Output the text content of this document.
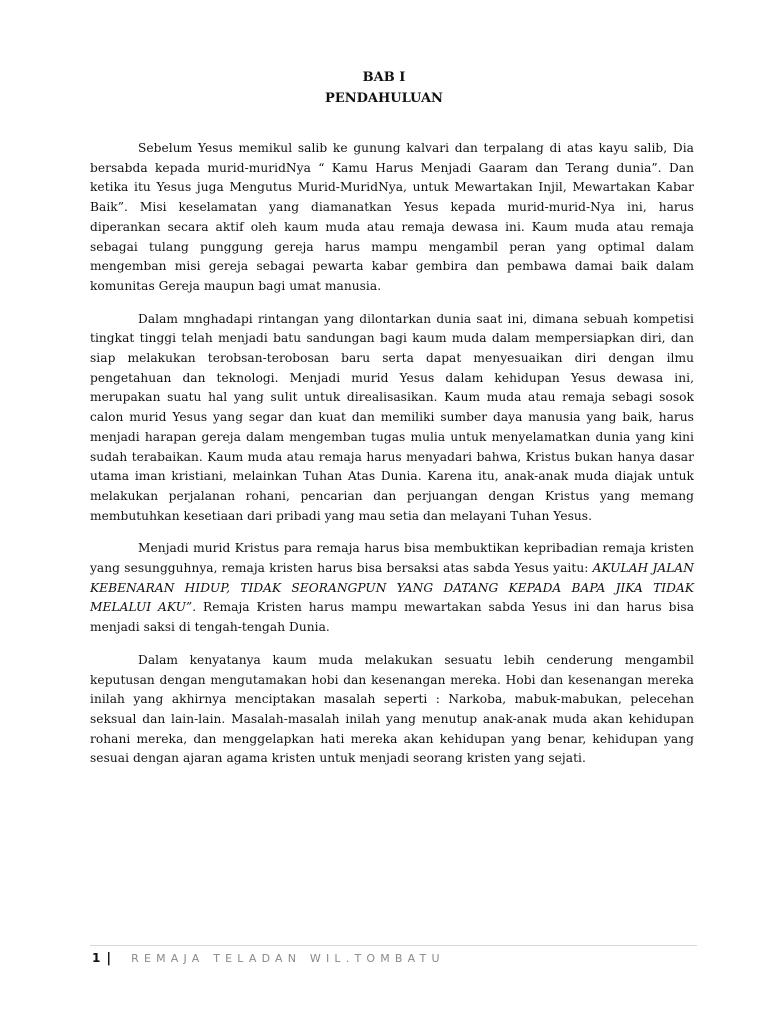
BAB I
PENDAHULUAN

Sebelum Yesus memikul salib ke gunung kalvari dan terpalang di atas kayu salib, Dia bersabda kepada murid-muridNya “ Kamu Harus Menjadi Gaaram dan Terang dunia”. Dan ketika itu Yesus juga Mengutus Murid-MuridNya, untuk Mewartakan Injil, Mewartakan Kabar Baik”. Misi keselamatan yang diamanatkan Yesus kepada murid-murid-Nya ini, harus diperankan secara aktif oleh kaum muda atau remaja dewasa ini. Kaum muda atau remaja sebagai tulang punggung gereja harus mampu mengambil peran yang optimal dalam mengemban misi gereja sebagai pewarta kabar gembira dan pembawa damai baik dalam komunitas Gereja maupun bagi umat manusia.

Dalam mnghadapi rintangan yang dilontarkan dunia saat ini, dimana sebuah kompetisi tingkat tinggi telah menjadi batu sandungan bagi kaum muda dalam mempersiapkan diri, dan siap melakukan terobsan-terobosan baru serta dapat menyesuaikan diri dengan ilmu pengetahuan dan teknologi. Menjadi murid Yesus dalam kehidupan Yesus dewasa ini, merupakan suatu hal yang sulit untuk direalisasikan. Kaum muda atau remaja sebagi sosok calon murid Yesus yang segar dan kuat dan memiliki sumber daya manusia yang baik, harus menjadi harapan gereja dalam mengemban tugas mulia untuk menyelamatkan dunia yang kini sudah terabaikan. Kaum muda atau remaja harus menyadari bahwa, Kristus bukan hanya dasar utama iman kristiani, melainkan Tuhan Atas Dunia. Karena itu, anak-anak muda diajak untuk melakukan perjalanan rohani, pencarian dan perjuangan dengan Kristus yang memang membutuhkan kesetiaan dari pribadi yang mau setia dan melayani Tuhan Yesus.

Menjadi murid Kristus para remaja harus bisa membuktikan kepribadian remaja kristen yang sesungguhnya, remaja kristen harus bisa bersaksi atas sabda Yesus yaitu: AKULAH JALAN KEBENARAN HIDUP, TIDAK SEORANGPUN YANG DATANG KEPADA BAPA JIKA TIDAK MELALUI AKU”. Remaja Kristen harus mampu mewartakan sabda Yesus ini dan harus bisa menjadi saksi di tengah-tengah Dunia.

Dalam kenyatanya kaum muda melakukan sesuatu lebih cenderung mengambil keputusan dengan mengutamakan hobi dan kesenangan mereka. Hobi dan kesenangan mereka inilah yang akhirnya menciptakan masalah seperti : Narkoba, mabuk-mabukan, pelecehan seksual dan lain-lain. Masalah-masalah inilah yang menutup anak-anak muda akan kehidupan rohani mereka, dan menggelapkan hati mereka akan kehidupan yang benar, kehidupan yang sesuai dengan ajaran agama kristen untuk menjadi seorang kristen yang sejati.

1 | REMAJA TELADAN WIL.TOMBATU
